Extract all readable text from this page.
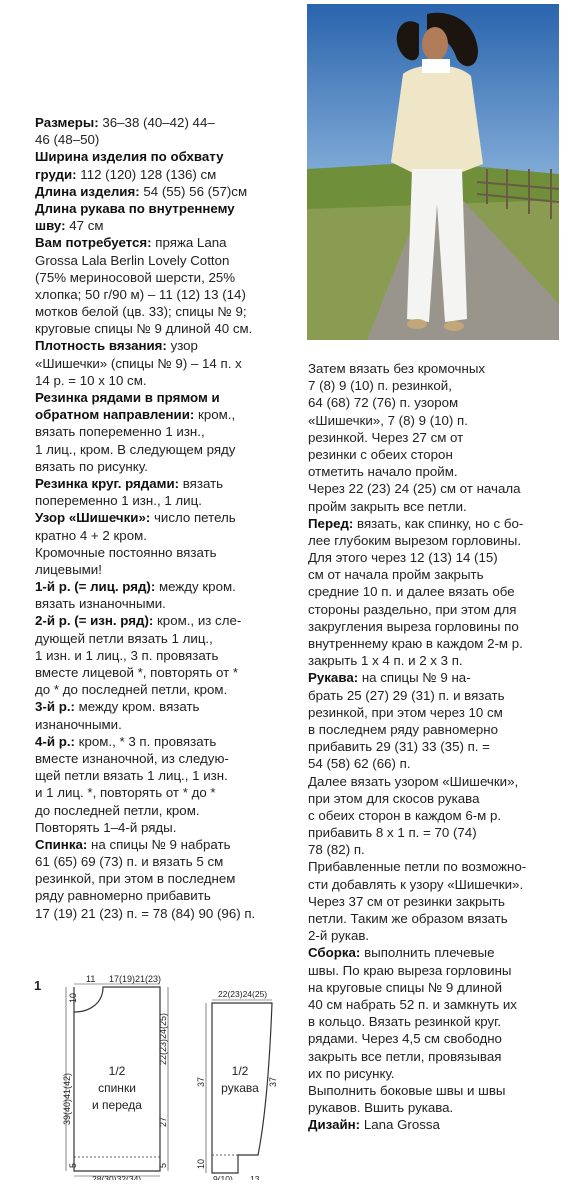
Размеры: 36–38 (40–42) 44–
46 (48–50)
Ширина изделия по обхвату
груди: 112 (120) 128 (136) см
Длина изделия: 54 (55) 56 (57)см
Длина рукава по внутреннему
шву: 47 см
Вам потребуется: пряжа Lana
Grossa Lala Berlin Lovely Cotton
(75% мериносовой шерсти, 25%
хлопка; 50 г/90 м) – 11 (12) 13 (14)
мотков белой (цв. 33); спицы № 9;
круговые спицы № 9 длиной 40 см.
Плотность вязания: узор
«Шишечки» (спицы № 9) – 14 п. х
14 р. = 10 х 10 см.
Резинка рядами в прямом и
обратном направлении: кром.,
вязать попеременно 1 изн.,
1 лиц., кром. В следующем ряду
вязать по рисунку.
Резинка круг. рядами: вязать
попеременно 1 изн., 1 лиц.
Узор «Шишечки»: число петель
кратно 4 + 2 кром.
Кромочные постоянно вязать
лицевыми!
1-й р. (= лиц. ряд): между кром.
вязать изнаночными.
2-й р. (= изн. ряд): кром., из сле-
дующей петли вязать 1 лиц.,
1 изн. и 1 лиц., 3 п. провязать
вместе лицевой *, повторять от *
до * до последней петли, кром.
3-й р.: между кром. вязать
изнаночными.
4-й р.: кром., * 3 п. провязать
вместе изнаночной, из следую-
щей петли вязать 1 лиц., 1 изн.
и 1 лиц. *, повторять от * до *
до последней петли, кром.
Повторять 1–4-й ряды.
Спинка: на спицы № 9 набрать
61 (65) 69 (73) п. и вязать 5 см
резинкой, при этом в последнем
ряду равномерно прибавить
17 (19) 21 (23) п. = 78 (84) 90 (96) п.
Затем вязать без кромочных
7 (8) 9 (10) п. резинкой,
64 (68) 72 (76) п. узором
«Шишечки», 7 (8) 9 (10) п.
резинкой. Через 27 см от
резинки с обеих сторон
отметить начало пройм.
Через 22 (23) 24 (25) см от начала
пройм закрыть все петли.
Перед: вязать, как спинку, но с бо-
лее глубоким вырезом горловины.
Для этого через 12 (13) 14 (15)
см от начала пройм закрыть
средние 10 п. и далее вязать обе
стороны раздельно, при этом для
закругления выреза горловины по
внутреннему краю в каждом 2-м р.
закрыть 1 х 4 п. и 2 х 3 п.
Рукава: на спицы № 9 на-
брать 25 (27) 29 (31) п. и вязать
резинкой, при этом через 10 см
в последнем ряду равномерно
прибавить 29 (31) 33 (35) п. =
54 (58) 62 (66) п.
Далее вязать узором «Шишечки»,
при этом для скосов рукава
с обеих сторон в каждом 6-м р.
прибавить 8 х 1 п. = 70 (74)
78 (82) п.
Прибавленные петли по возможно-
сти добавлять к узору «Шишечки».
Через 37 см от резинки закрыть
петли. Таким же образом вязать
2-й рукав.
Сборка: выполнить плечевые
швы. По краю выреза горловины
на круговые спицы № 9 длиной
40 см набрать 52 п. и замкнуть их
в кольцо. Вязать резинкой круг.
рядами. Через 4,5 см свободно
закрыть все петли, провязывая
их по рисунку.
Выполнить боковые швы и швы
рукавов. Вшить рукава.
Дизайн: Lana Grossa
1	11 17(19)21(23)
10
39(40)41(42)
22(23)24(25)
27
5
5
28(30)32(34)
1/2
спинки
и переда
22(23)24(25)
37
10
37
9(10) 13
1/2
рукава
